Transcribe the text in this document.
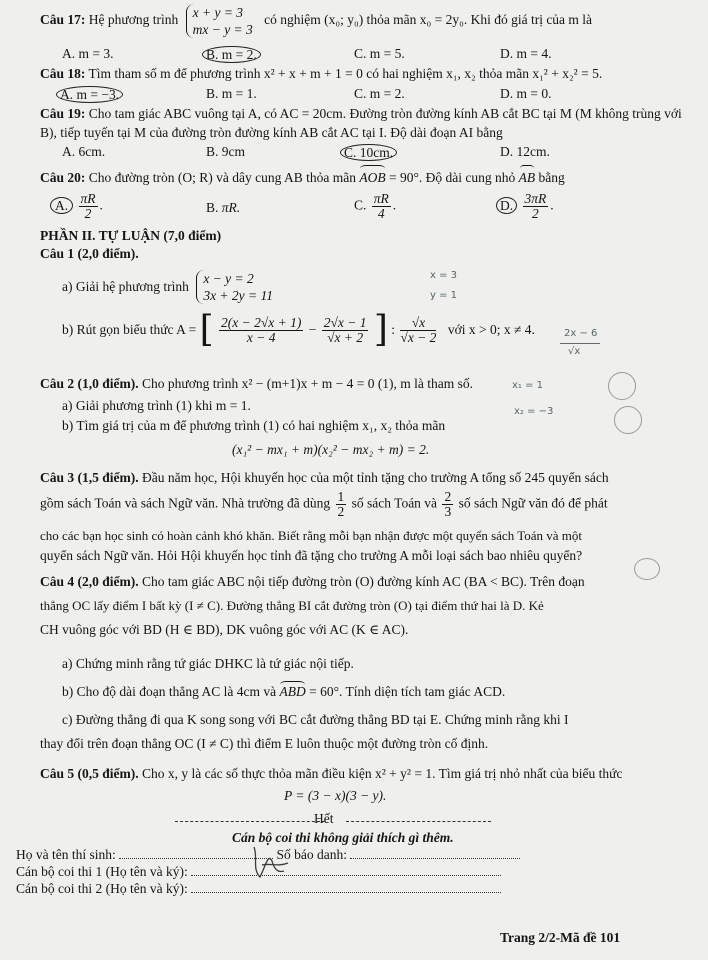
Câu 17: Hệ phương trình x + y = 3
mx − y = 3
có nghiệm (x₀; y₀) thỏa mãn x₀ = 2y₀. Khi đó giá trị của m là
A. m = 3.	B. m = 2.	C. m = 5.	D. m = 4.
Câu 18: Tìm tham số m để phương trình x² + x + m + 1 = 0 có hai nghiệm x₁, x₂ thỏa mãn x₁² + x₂² = 5.
A. m = −3.	B. m = 1.	C. m = 2.	D. m = 0.
Câu 19: Cho tam giác ABC vuông tại A, có AC = 20cm. Đường tròn đường kính AB cắt BC tại M (M không trùng với B), tiếp tuyến tại M của đường tròn đường kính AB cắt AC tại I. Độ dài đoạn AI bằng
A. 6cm.	B. 9cm	C. 10cm.	D. 12cm.
Câu 20: Cho đường tròn (O; R) và dây cung AB thỏa mãn AOB = 90°. Độ dài cung nhỏ AB bằng
A. $\frac{\pi R}{2}$ .	B. πR.	C. $\frac{\pi R}{4}$ .	D. $\frac{3\pi R}{2}$ .
PHẦN II. TỰ LUẬN (7,0 điểm)
Câu 1 (2,0 điểm).
a) Giải hệ phương trình
x − y = 2
3x + 2y = 11
b) Rút gọn biểu thức A = [ $\frac{2(x - 2√x + 1)}{x - 4} - \frac{2√x - 1}{√x + 2}$ ] : $\frac{√x}{√x - 2}$ với x > 0; x ≠ 4.
Câu 2 (1,0 điểm). Cho phương trình x² − (m+1)x + m − 4 = 0 (1), m là tham số.
a) Giải phương trình (1) khi m = 1.
b) Tìm giá trị của m để phương trình (1) có hai nghiệm x₁, x₂ thỏa mãn
(x₁² − mx₁ + m)(x₂² − mx₂ + m) = 2.
Câu 3 (1,5 điểm). Đầu năm học, Hội khuyến học của một tỉnh tặng cho trường A tổng số 245 quyển sách
gồm sách Toán và sách Ngữ văn. Nhà trường đã dùng $\frac{1}{2}$ số sách Toán và $\frac{2}{3}$ số sách Ngữ văn đó để phát
cho các bạn học sinh có hoàn cảnh khó khăn. Biết rằng mỗi bạn nhận được một quyển sách Toán và một
quyển sách Ngữ văn. Hỏi Hội khuyến học tỉnh đã tặng cho trường A mỗi loại sách bao nhiêu quyển?
Câu 4 (2,0 điểm). Cho tam giác ABC nội tiếp đường tròn (O) đường kính AC (BA < BC). Trên đoạn
thẳng OC lấy điểm I bất kỳ (I ≠ C). Đường thẳng BI cắt đường tròn (O) tại điểm thứ hai là D. Kẻ
CH vuông góc với BD (H ∈ BD), DK vuông góc với AC (K ∈ AC).
a) Chứng minh rằng tứ giác DHKC là tứ giác nội tiếp.
b) Cho độ dài đoạn thẳng AC là 4cm và ABD = 60°. Tính diện tích tam giác ACD.
c) Đường thẳng đi qua K song song với BC cắt đường thẳng BD tại E. Chứng minh rằng khi I
thay đổi trên đoạn thẳng OC (I ≠ C) thì điểm E luôn thuộc một đường tròn cố định.
Câu 5 (0,5 điểm). Cho x, y là các số thực thỏa mãn điều kiện x² + y² = 1. Tìm giá trị nhỏ nhất của biểu thức
P = (3 − x)(3 − y).
Hết
Cán bộ coi thi không giải thích gì thêm.
Họ và tên thí sinh:	Số báo danh:
Cán bộ coi thi 1 (Họ tên và ký):
Cán bộ coi thi 2 (Họ tên và ký):
Trang 2/2-Mã đề 101
x = 3
y = 1
2x − 6
√x
x₁ = 1
x₂ = −3
